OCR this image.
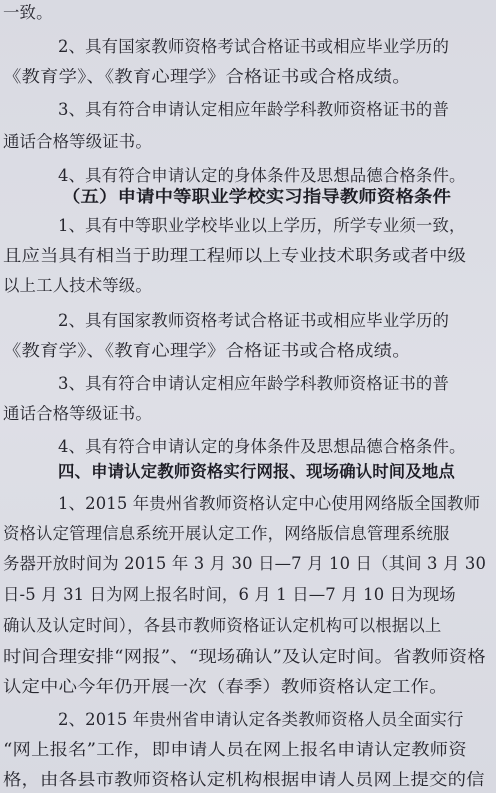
一致。
2、具有国家教师资格考试合格证书或相应毕业学历的
《教育学》、《教育心理学》合格证书或合格成绩。
3、具有符合申请认定相应年龄学科教师资格证书的普
通话合格等级证书。
4、具有符合申请认定的身体条件及思想品德合格条件。
（五）申请中等职业学校实习指导教师资格条件
1、具有中等职业学校毕业以上学历，所学专业须一致，
且应当具有相当于助理工程师以上专业技术职务或者中级
以上工人技术等级。
2、具有国家教师资格考试合格证书或相应毕业学历的
《教育学》、《教育心理学》合格证书或合格成绩。
3、具有符合申请认定相应年龄学科教师资格证书的普
通话合格等级证书。
4、具有符合申请认定的身体条件及思想品德合格条件。
四、申请认定教师资格实行网报、现场确认时间及地点
1、2015 年贵州省教师资格认定中心使用网络版全国教师
资格认定管理信息系统开展认定工作，网络版信息管理系统服
务器开放时间为 2015 年 3 月 30 日—7 月 10 日（其间 3 月 30
日-5 月 31 日为网上报名时间，6 月 1 日—7 月 10 日为现场
确认及认定时间），各县市教师资格证认定机构可以根据以上
时间合理安排“网报”、“现场确认”及认定时间。省教师资格
认定中心今年仍开展一次（春季）教师资格认定工作。
2、2015 年贵州省申请认定各类教师资格人员全面实行
“网上报名”工作，即申请人员在网上报名申请认定教师资
格，由各县市教师资格认定机构根据申请人员网上提交的信
